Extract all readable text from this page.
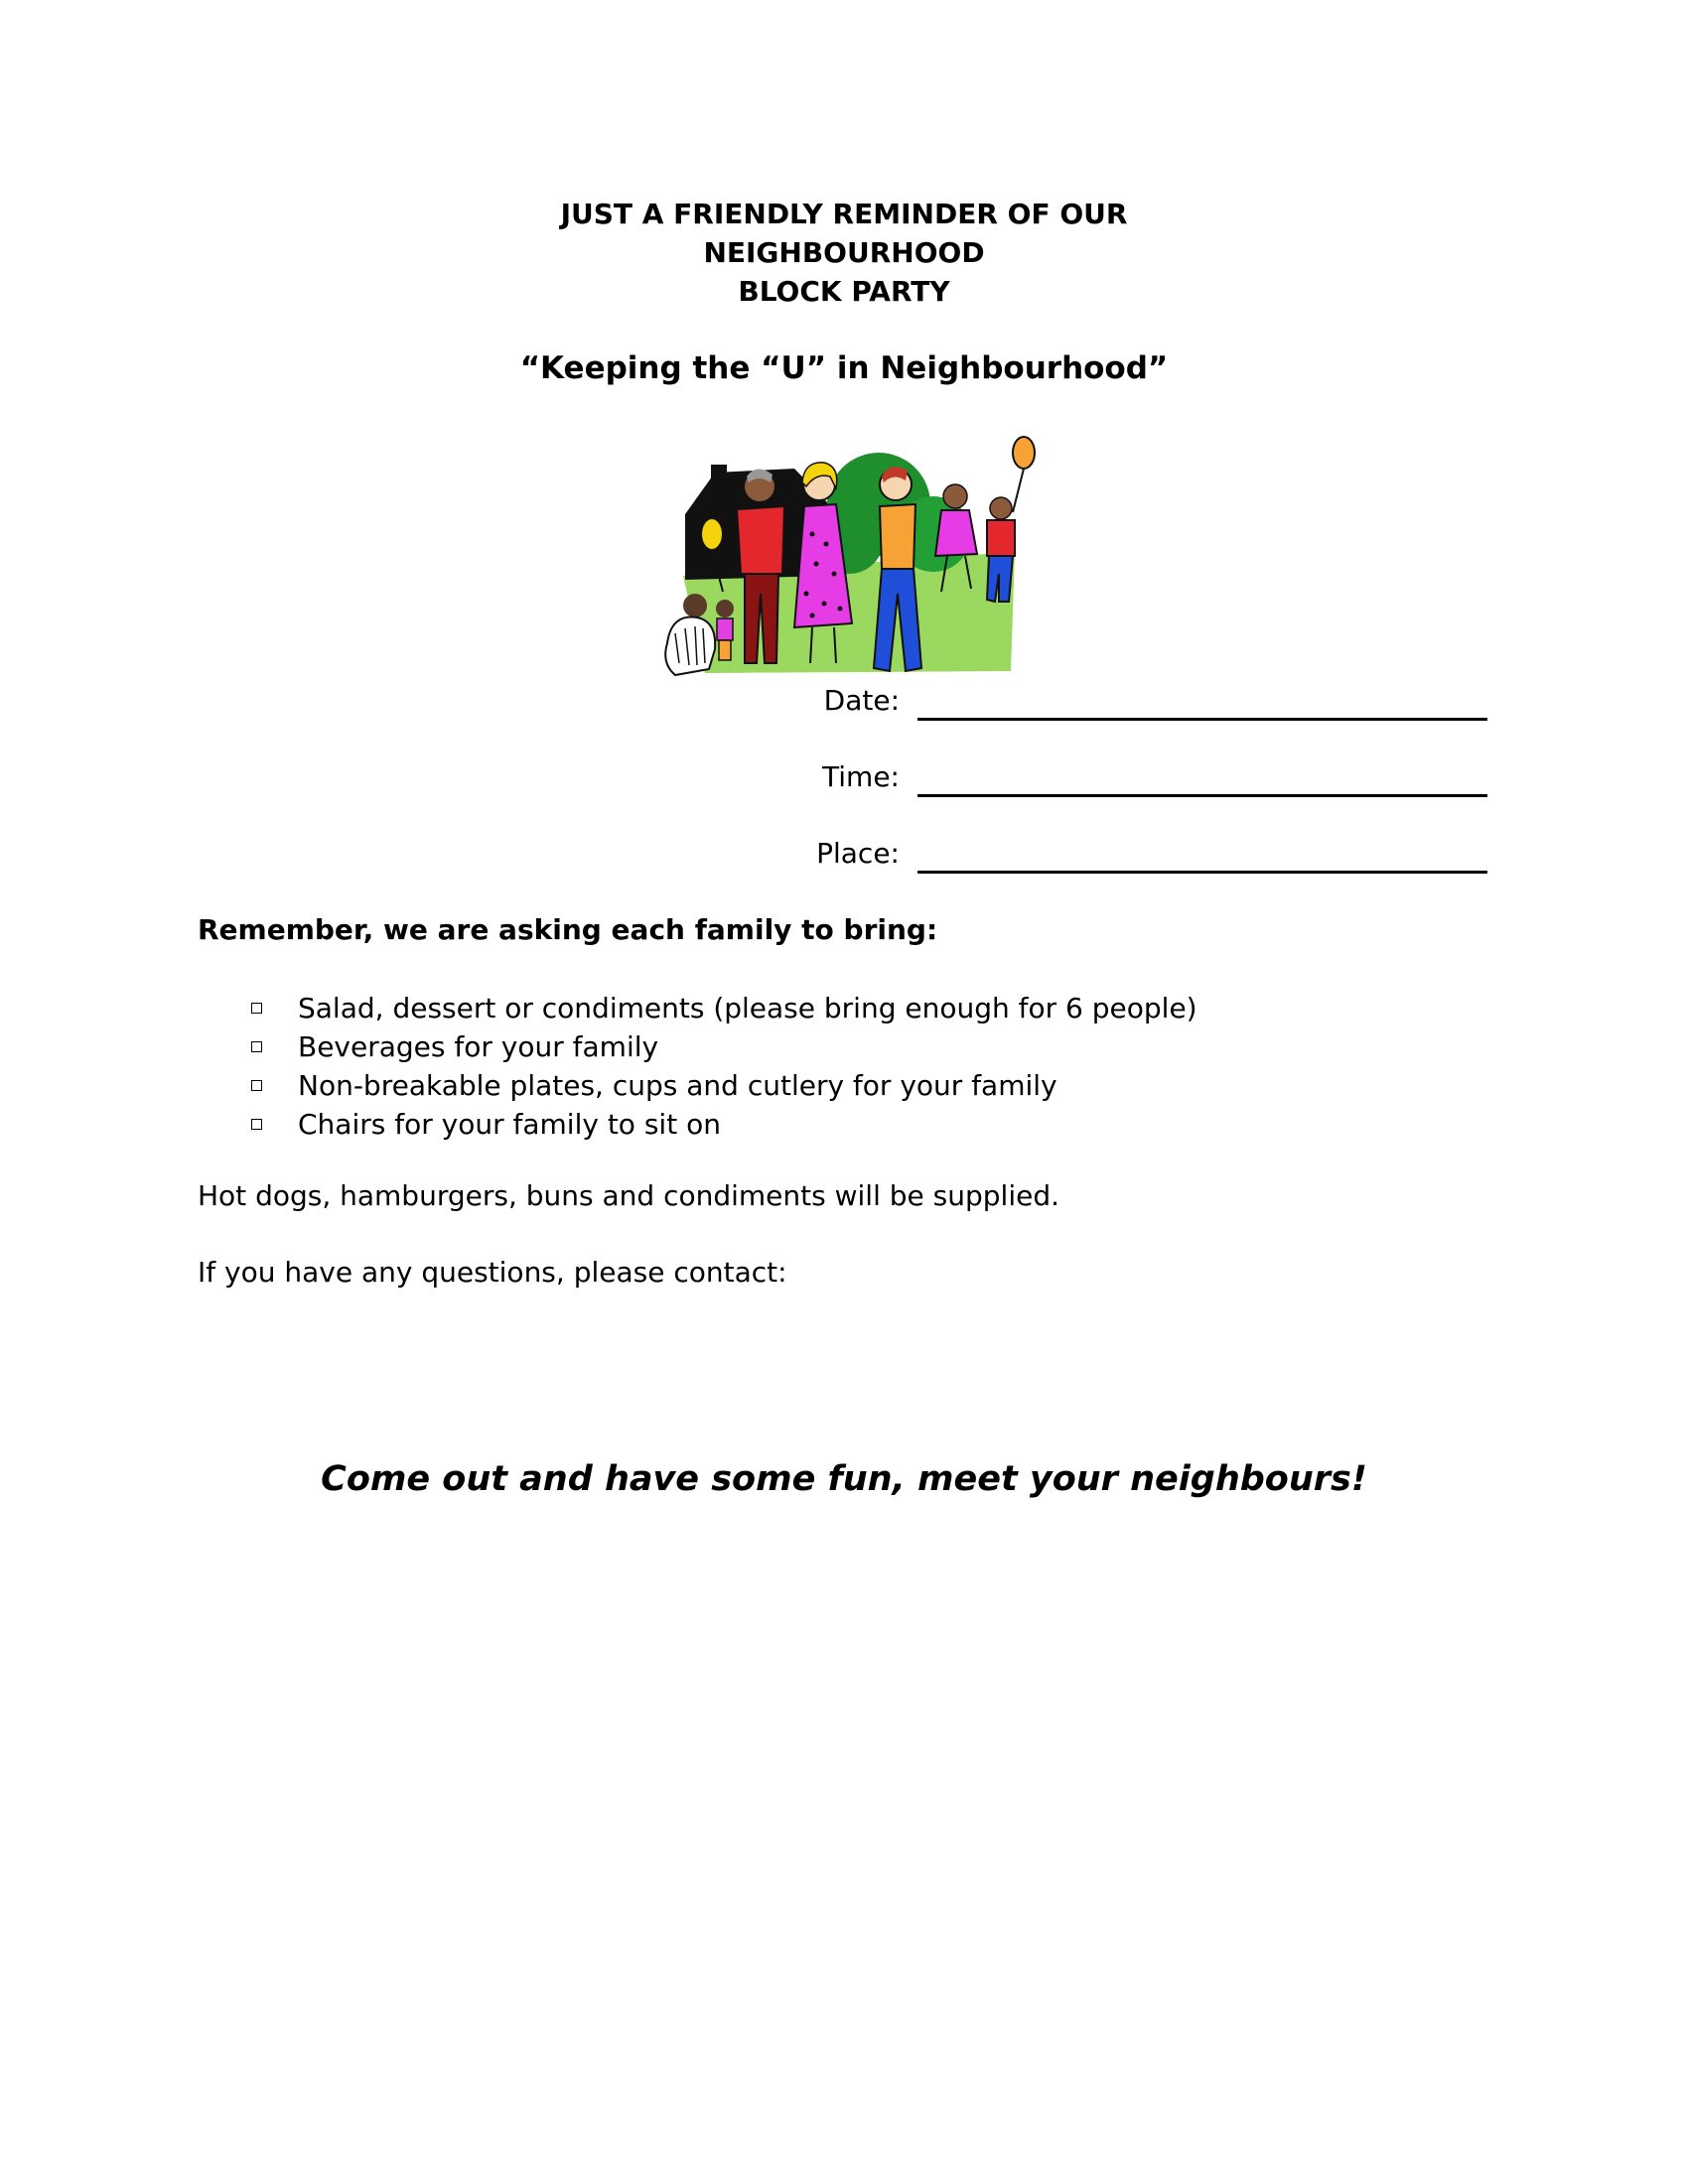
JUST A FRIENDLY REMINDER OF OUR
NEIGHBOURHOOD
BLOCK PARTY
“Keeping the “U” in Neighbourhood”
Date:
Time:
Place:
Remember, we are asking each family to bring:
Salad, dessert or condiments (please bring enough for 6 people)
Beverages for your family
Non-breakable plates, cups and cutlery for your family
Chairs for your family to sit on
Hot dogs, hamburgers, buns and condiments will be supplied.
If you have any questions, please contact:
Come out and have some fun, meet your neighbours!
